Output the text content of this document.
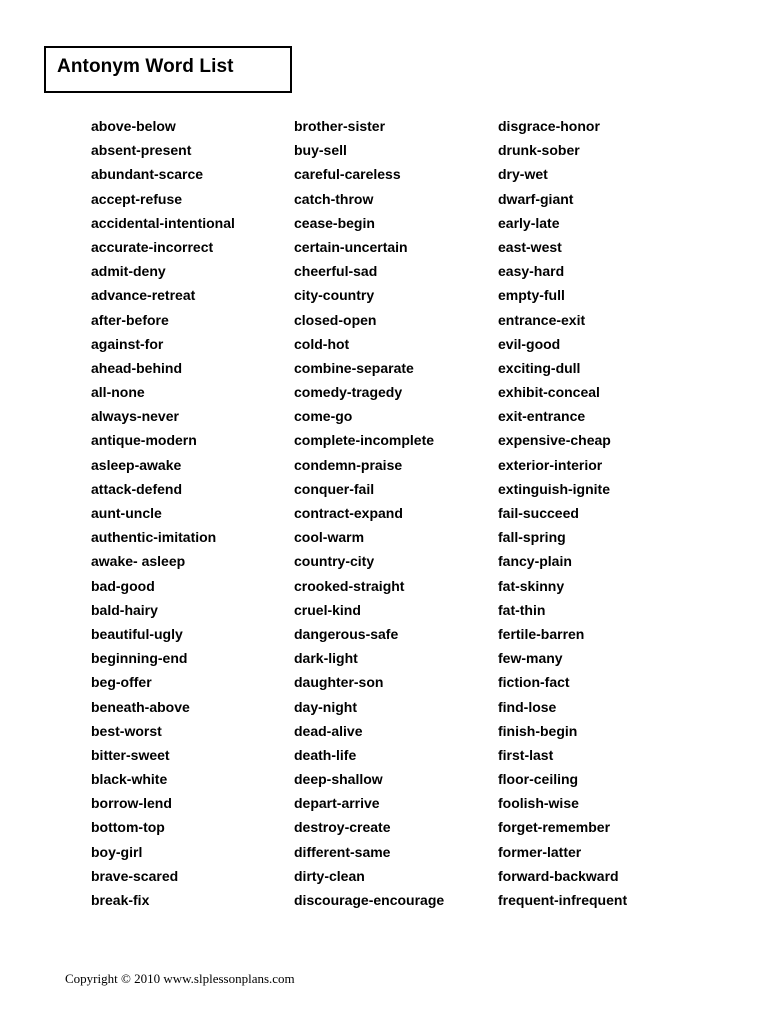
Antonym Word List
above-below
absent-present
abundant-scarce
accept-refuse
accidental-intentional
accurate-incorrect
admit-deny
advance-retreat
after-before
against-for
ahead-behind
all-none
always-never
antique-modern
asleep-awake
attack-defend
aunt-uncle
authentic-imitation
awake- asleep
bad-good
bald-hairy
beautiful-ugly
beginning-end
beg-offer
beneath-above
best-worst
bitter-sweet
black-white
borrow-lend
bottom-top
boy-girl
brave-scared
break-fix
brother-sister
buy-sell
careful-careless
catch-throw
cease-begin
certain-uncertain
cheerful-sad
city-country
closed-open
cold-hot
combine-separate
comedy-tragedy
come-go
complete-incomplete
condemn-praise
conquer-fail
contract-expand
cool-warm
country-city
crooked-straight
cruel-kind
dangerous-safe
dark-light
daughter-son
day-night
dead-alive
death-life
deep-shallow
depart-arrive
destroy-create
different-same
dirty-clean
discourage-encourage
disgrace-honor
drunk-sober
dry-wet
dwarf-giant
early-late
east-west
easy-hard
empty-full
entrance-exit
evil-good
exciting-dull
exhibit-conceal
exit-entrance
expensive-cheap
exterior-interior
extinguish-ignite
fail-succeed
fall-spring
fancy-plain
fat-skinny
fat-thin
fertile-barren
few-many
fiction-fact
find-lose
finish-begin
first-last
floor-ceiling
foolish-wise
forget-remember
former-latter
forward-backward
frequent-infrequent
Copyright © 2010 www.slplessonplans.com
